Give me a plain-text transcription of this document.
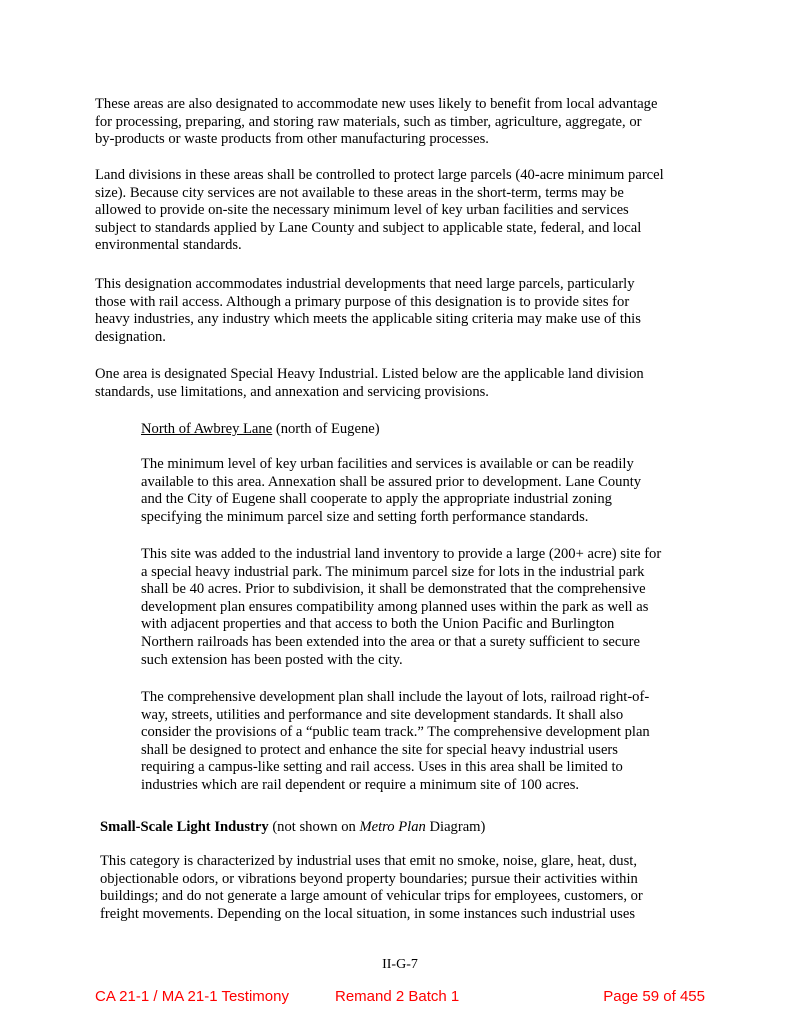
These areas are also designated to accommodate new uses likely to benefit from local advantage
for processing, preparing, and storing raw materials, such as timber, agriculture, aggregate, or
by-products or waste products from other manufacturing processes.
Land divisions in these areas shall be controlled to protect large parcels (40-acre minimum parcel
size). Because city services are not available to these areas in the short-term, terms may be
allowed to provide on-site the necessary minimum level of key urban facilities and services
subject to standards applied by Lane County and subject to applicable state, federal, and local
environmental standards.
This designation accommodates industrial developments that need large parcels, particularly
those with rail access. Although a primary purpose of this designation is to provide sites for
heavy industries, any industry which meets the applicable siting criteria may make use of this
designation.
One area is designated Special Heavy Industrial. Listed below are the applicable land division
standards, use limitations, and annexation and servicing provisions.
North of Awbrey Lane (north of Eugene)
The minimum level of key urban facilities and services is available or can be readily
available to this area. Annexation shall be assured prior to development. Lane County
and the City of Eugene shall cooperate to apply the appropriate industrial zoning
specifying the minimum parcel size and setting forth performance standards.
This site was added to the industrial land inventory to provide a large (200+ acre) site for
a special heavy industrial park. The minimum parcel size for lots in the industrial park
shall be 40 acres. Prior to subdivision, it shall be demonstrated that the comprehensive
development plan ensures compatibility among planned uses within the park as well as
with adjacent properties and that access to both the Union Pacific and Burlington
Northern railroads has been extended into the area or that a surety sufficient to secure
such extension has been posted with the city.
The comprehensive development plan shall include the layout of lots, railroad right-of-
way, streets, utilities and performance and site development standards. It shall also
consider the provisions of a “public team track.” The comprehensive development plan
shall be designed to protect and enhance the site for special heavy industrial users
requiring a campus-like setting and rail access. Uses in this area shall be limited to
industries which are rail dependent or require a minimum site of 100 acres.
Small-Scale Light Industry (not shown on Metro Plan Diagram)
This category is characterized by industrial uses that emit no smoke, noise, glare, heat, dust,
objectionable odors, or vibrations beyond property boundaries; pursue their activities within
buildings; and do not generate a large amount of vehicular trips for employees, customers, or
freight movements. Depending on the local situation, in some instances such industrial uses
II-G-7
CA 21-1 / MA 21-1 Testimony	Remand 2 Batch 1	Page 59 of 455
